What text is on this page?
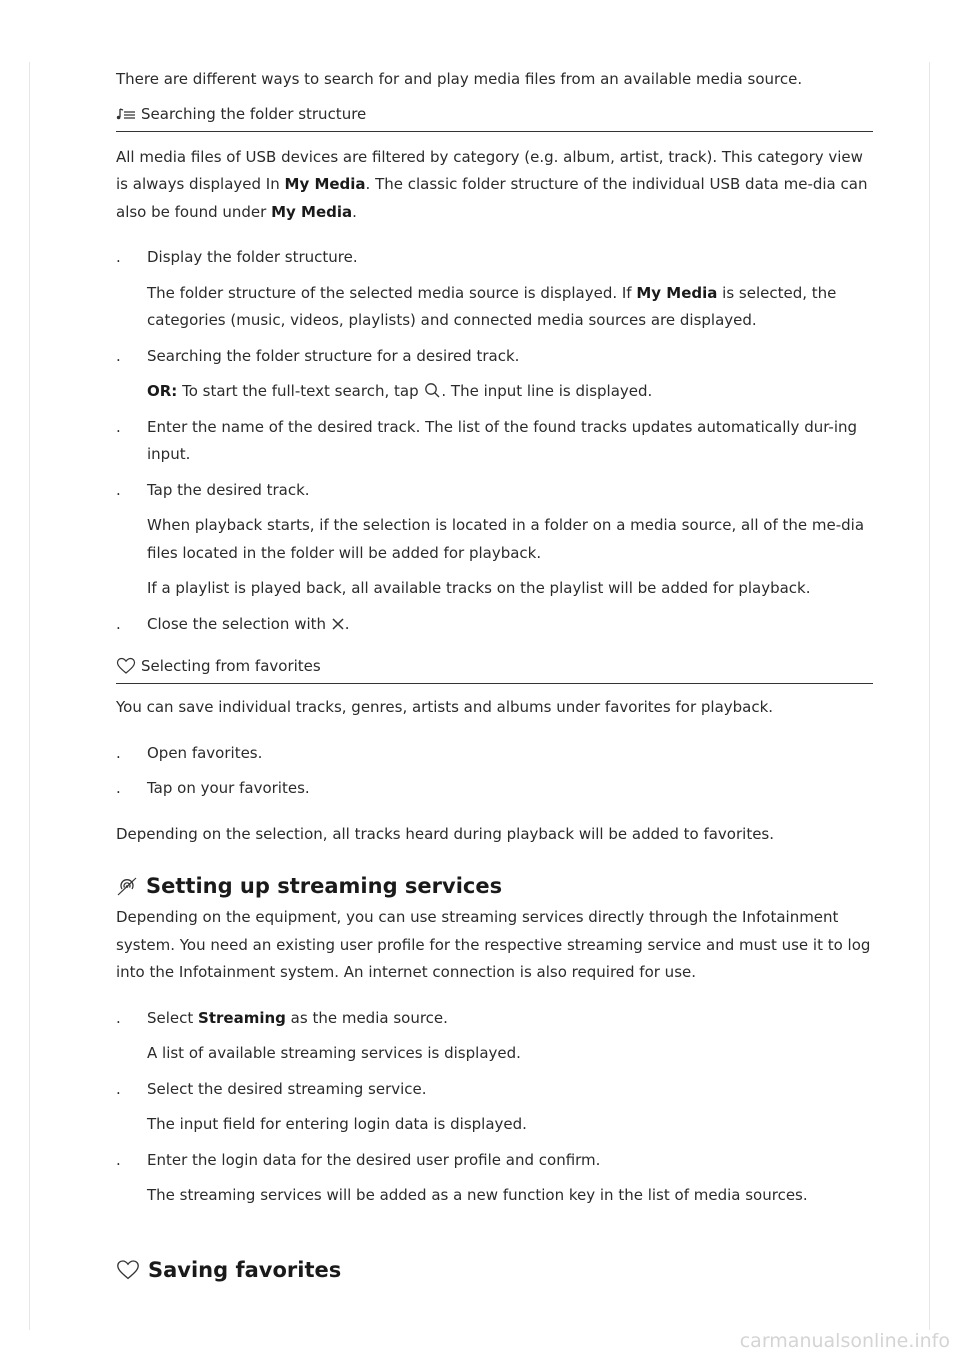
There are different ways to search for and play media files from an available media source.

Searching the folder structure

All media files of USB devices are filtered by category (e.g. album, artist, track). This category view is always displayed In My Media. The classic folder structure of the individual USB data me-dia can also be found under My Media.

.	Display the folder structure.

The folder structure of the selected media source is displayed. If My Media is selected, the categories (music, videos, playlists) and connected media sources are displayed.

.	Searching the folder structure for a desired track.

OR: To start the full-text search, tap . The input line is displayed.

.	Enter the name of the desired track. The list of the found tracks updates automatically dur-ing input.
.	Tap the desired track.

When playback starts, if the selection is located in a folder on a media source, all of the me-dia files located in the folder will be added for playback.

If a playlist is played back, all available tracks on the playlist will be added for playback.

.	Close the selection with .
Selecting from favorites

You can save individual tracks, genres, artists and albums under favorites for playback.

.	Open favorites.
.	Tap on your favorites.

Depending on the selection, all tracks heard during playback will be added to favorites.

Setting up streaming services

Depending on the equipment, you can use streaming services directly through the Infotainment system. You need an existing user profile for the respective streaming service and must use it to log into the Infotainment system. An internet connection is also required for use.

.	Select Streaming as the media source.

A list of available streaming services is displayed.

.	Select the desired streaming service.

The input field for entering login data is displayed.

.	Enter the login data for the desired user profile and confirm.

The streaming services will be added as a new function key in the list of media sources.

Saving favorites
carmanualsonline.info
